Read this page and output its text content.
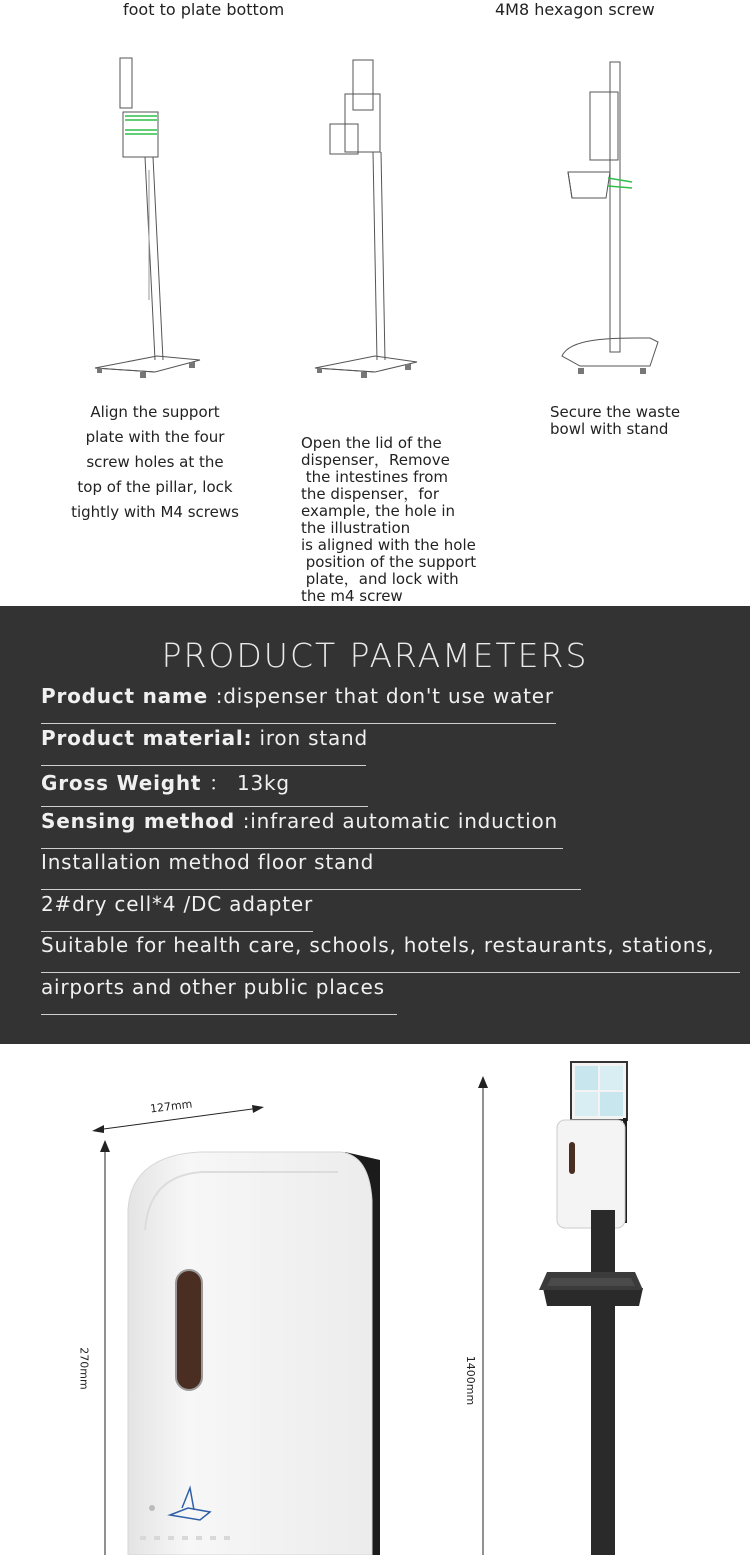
foot to plate bottom	4M8 hexagon screw
Align the support
plate with the four
screw holes at the
top of the pillar, lock
tightly with M4 screws

Open the lid of the
dispenser，Remove
the intestines from
the dispenser，for
example, the hole in
the illustration
is aligned with the hole
position of the support
plate，and lock with
the m4 screw

Secure the waste
bowl with stand
PRODUCT PARAMETERS
Product name :dispenser that don't use water
Product material: iron stand
Gross Weight ： 13kg
Sensing method :infrared automatic induction
Installation method floor stand
2#dry cell*4 /DC adapter
Suitable for health care, schools, hotels, restaurants, stations,
airports and other public places
127mm
270mm	1400mm
